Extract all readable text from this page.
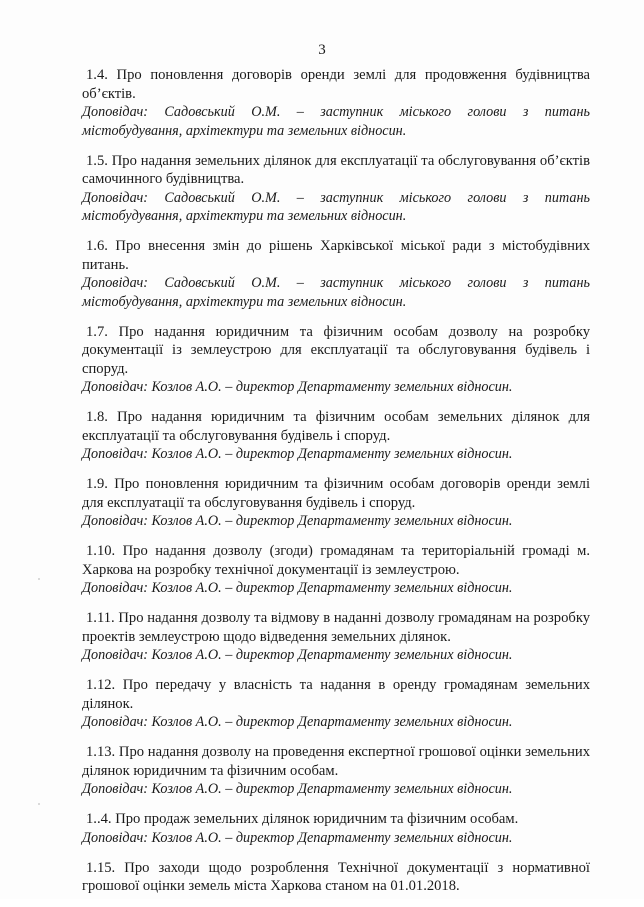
3

1.4. Про поновлення договорів оренди землі для продовження будівництва об’єктів.

Доповідач: Садовський О.М. – заступник міського голови з питань містобудування, архітектури та земельних відносин.

1.5. Про надання земельних ділянок для експлуатації та обслуговування об’єктів самочинного будівництва.

Доповідач: Садовський О.М. – заступник міського голови з питань містобудування, архітектури та земельних відносин.

1.6. Про внесення змін до рішень Харківської міської ради з містобудівних питань.

Доповідач: Садовський О.М. – заступник міського голови з питань містобудування, архітектури та земельних відносин.

1.7. Про надання юридичним та фізичним особам дозволу на розробку документації із землеустрою для експлуатації та обслуговування будівель і споруд.

Доповідач: Козлов А.О. – директор Департаменту земельних відносин.

1.8. Про надання юридичним та фізичним особам земельних ділянок для експлуатації та обслуговування будівель і споруд.

Доповідач: Козлов А.О. – директор Департаменту земельних відносин.

1.9. Про поновлення юридичним та фізичним особам договорів оренди землі для експлуатації та обслуговування будівель і споруд.

Доповідач: Козлов А.О. – директор Департаменту земельних відносин.

1.10. Про надання дозволу (згоди) громадянам та територіальній громаді м. Харкова на розробку технічної документації із землеустрою.

Доповідач: Козлов А.О. – директор Департаменту земельних відносин.

1.11. Про надання дозволу та відмову в наданні дозволу громадянам на розробку проектів землеустрою щодо відведення земельних ділянок.

Доповідач: Козлов А.О. – директор Департаменту земельних відносин.

1.12. Про передачу у власність та надання в оренду громадянам земельних ділянок.

Доповідач: Козлов А.О. – директор Департаменту земельних відносин.

1.13. Про надання дозволу на проведення експертної грошової оцінки земельних ділянок юридичним та фізичним особам.

Доповідач: Козлов А.О. – директор Департаменту земельних відносин.

1..4. Про продаж земельних ділянок юридичним та фізичним особам.

Доповідач: Козлов А.О. – директор Департаменту земельних відносин.

1.15. Про заходи щодо розроблення Технічної документації з нормативної грошової оцінки земель міста Харкова станом на 01.01.2018.
